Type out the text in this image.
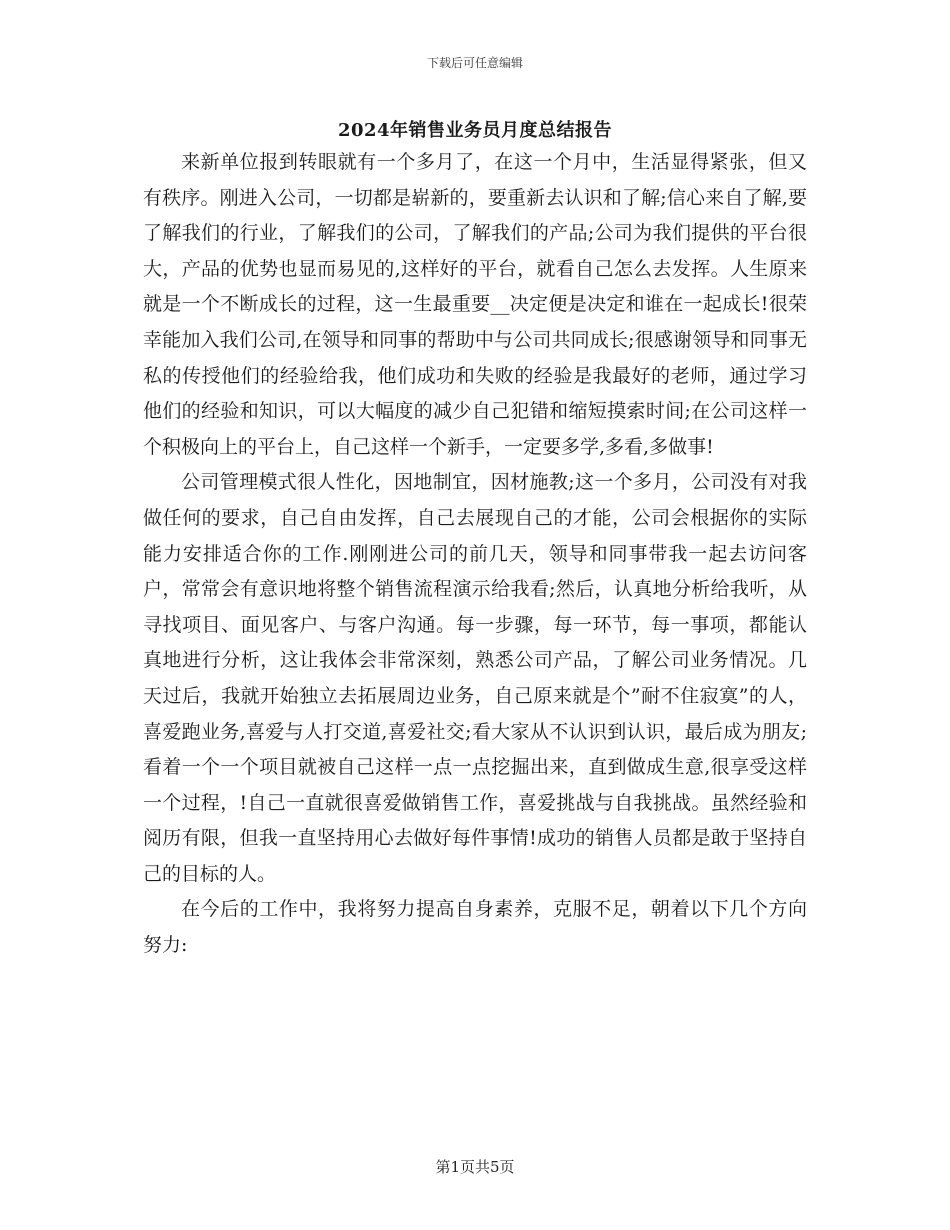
下载后可任意编辑
2024年销售业务员月度总结报告

来新单位报到转眼就有一个多月了，在这一个月中，生活显得紧张，但又有秩序。刚进入公司，一切都是崭新的，要重新去认识和了解;信心来自了解,要了解我们的行业，了解我们的公司，了解我们的产品;公司为我们提供的平台很大，产品的优势也显而易见的,这样好的平台，就看自己怎么去发挥。人生原来就是一个不断成长的过程，这一生最重要__决定便是决定和谁在一起成长!很荣幸能加入我们公司,在领导和同事的帮助中与公司共同成长;很感谢领导和同事无私的传授他们的经验给我，他们成功和失败的经验是我最好的老师，通过学习他们的经验和知识，可以大幅度的减少自己犯错和缩短摸索时间;在公司这样一个积极向上的平台上，自己这样一个新手，一定要多学,多看,多做事!

公司管理模式很人性化，因地制宜，因材施教;这一个多月，公司没有对我做任何的要求，自己自由发挥，自己去展现自己的才能，公司会根据你的实际能力安排适合你的工作.刚刚进公司的前几天，领导和同事带我一起去访问客户，常常会有意识地将整个销售流程演示给我看;然后，认真地分析给我听，从寻找项目、面见客户、与客户沟通。每一步骤，每一环节，每一事项，都能认真地进行分析，这让我体会非常深刻，熟悉公司产品，了解公司业务情况。几天过后，我就开始独立去拓展周边业务，自己原来就是个”耐不住寂寞”的人，喜爱跑业务,喜爱与人打交道,喜爱社交;看大家从不认识到认识，最后成为朋友;看着一个一个项目就被自己这样一点一点挖掘出来，直到做成生意,很享受这样一个过程，!自己一直就很喜爱做销售工作，喜爱挑战与自我挑战。虽然经验和阅历有限，但我一直坚持用心去做好每件事情!成功的销售人员都是敢于坚持自己的目标的人。

在今后的工作中，我将努力提高自身素养，克服不足，朝着以下几个方向努力:

第1页共5页
